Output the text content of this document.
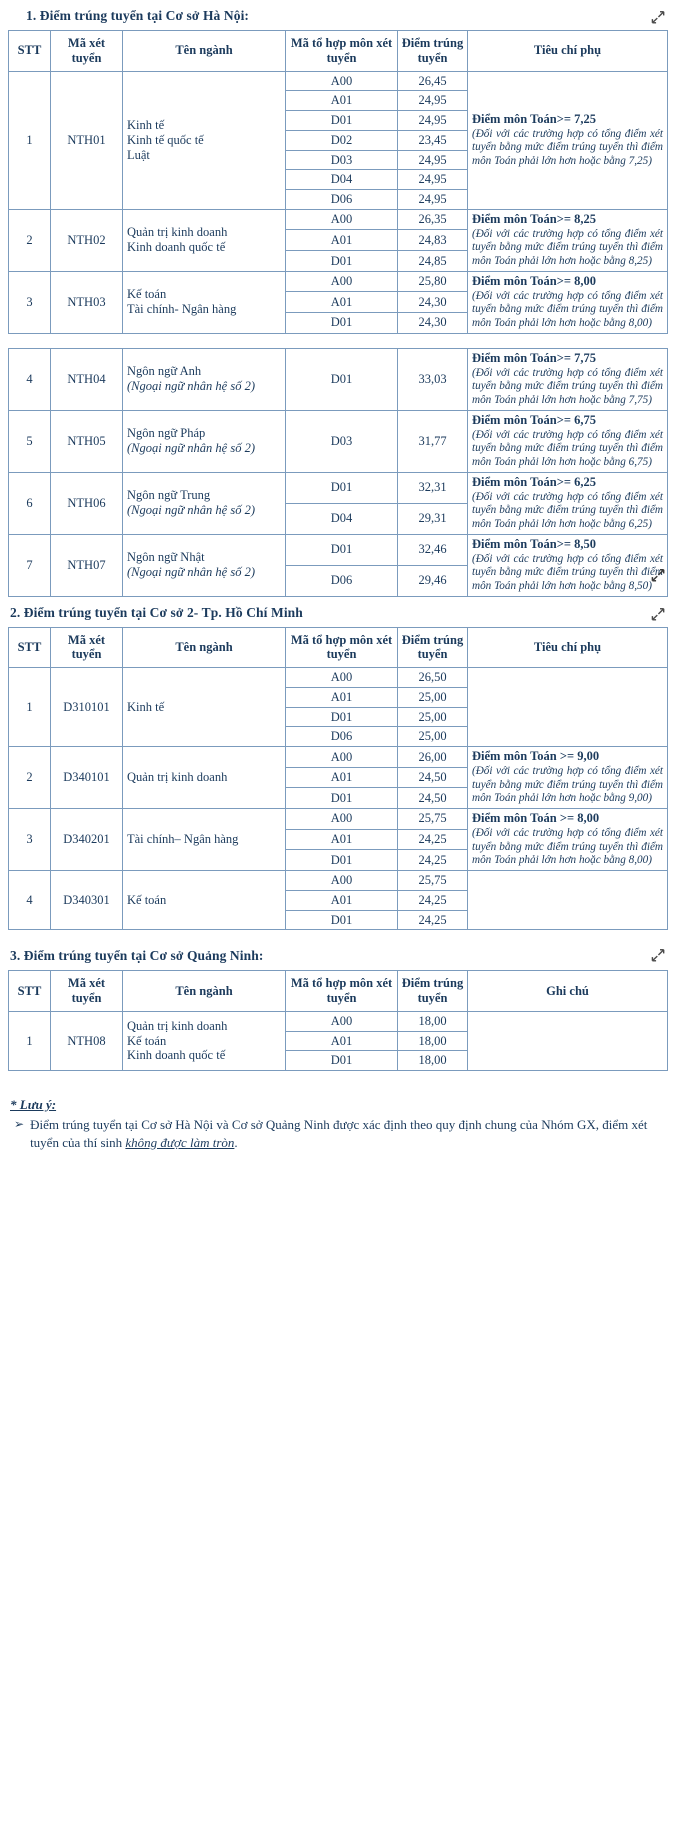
1. Điểm trúng tuyển tại Cơ sở Hà Nội:
STT	Mã xét tuyển	Tên ngành	Mã tổ hợp môn xét tuyển	Điểm trúng tuyển	Tiêu chí phụ
1	NTH01	Kinh tế
Kinh tế quốc tế
Luật	A00	26,45	Điểm môn Toán>= 7,25
(Đối với các trường hợp có tổng điểm xét tuyển bằng mức điểm trúng tuyển thì điểm môn Toán phải lớn hơn hoặc bằng 7,25)

			A01	24,95	
			D01	24,95	
			D02	23,45	
			D03	24,95	
			D04	24,95	
			D06	24,95	
2	NTH02	Quản trị kinh doanh
Kinh doanh quốc tế	A00	26,35	Điểm môn Toán>= 8,25
(Đối với các trường hợp có tổng điểm xét tuyển bằng mức điểm trúng tuyển thì điểm môn Toán phải lớn hơn hoặc bằng 8,25)

			A01	24,83	
			D01	24,85	
3	NTH03	Kế toán
Tài chính- Ngân hàng	A00	25,80	Điểm môn Toán>= 8,00
(Đối với các trường hợp có tổng điểm xét tuyển bằng mức điểm trúng tuyển thì điểm môn Toán phải lớn hơn hoặc bằng 8,00)

			A01	24,30	
			D01	24,30	
4	NTH04	Ngôn ngữ Anh
(Ngoại ngữ nhân hệ số 2)	D01	33,03	Điểm môn Toán>= 7,75
(Đối với các trường hợp có tổng điểm xét tuyển bằng mức điểm trúng tuyển thì điểm môn Toán phải lớn hơn hoặc bằng 7,75)

5	NTH05	Ngôn ngữ Pháp
(Ngoại ngữ nhân hệ số 2)	D03	31,77	Điểm môn Toán>= 6,75
(Đối với các trường hợp có tổng điểm xét tuyển bằng mức điểm trúng tuyển thì điểm môn Toán phải lớn hơn hoặc bằng 6,75)

6	NTH06	Ngôn ngữ Trung
(Ngoại ngữ nhân hệ số 2)	D01	32,31	Điểm môn Toán>= 6,25
(Đối với các trường hợp có tổng điểm xét tuyển bằng mức điểm trúng tuyển thì điểm môn Toán phải lớn hơn hoặc bằng 6,25)

			D04	29,31	
7	NTH07	Ngôn ngữ Nhật
(Ngoại ngữ nhân hệ số 2)	D01	32,46	Điểm môn Toán>= 8,50
(Đối với các trường hợp có tổng điểm xét tuyển bằng mức điểm trúng tuyển thì điểm môn Toán phải lớn hơn hoặc bằng 8,50)

			D06	29,46	
2. Điểm trúng tuyển tại Cơ sở 2- Tp. Hồ Chí Minh
STT	Mã xét tuyển	Tên ngành	Mã tổ hợp môn xét tuyển	Điểm trúng tuyển	Tiêu chí phụ
1	D310101	Kinh tế	A00	26,50	
			A01	25,00	
			D01	25,00	
			D06	25,00	
2	D340101	Quản trị kinh doanh	A00	26,00	Điểm môn Toán >= 9,00
(Đối với các trường hợp có tổng điểm xét tuyển bằng mức điểm trúng tuyển thì điểm môn Toán phải lớn hơn hoặc bằng 9,00)

			A01	24,50	
			D01	24,50	
3	D340201	Tài chính– Ngân hàng	A00	25,75	Điểm môn Toán >= 8,00
(Đối với các trường hợp có tổng điểm xét tuyển bằng mức điểm trúng tuyển thì điểm môn Toán phải lớn hơn hoặc bằng 8,00)

			A01	24,25	
			D01	24,25	
4	D340301	Kế toán	A00	25,75	
			A01	24,25	
			D01	24,25	
3. Điểm trúng tuyển tại Cơ sở Quảng Ninh:
STT	Mã xét tuyển	Tên ngành	Mã tổ hợp môn xét tuyển	Điểm trúng tuyển	Ghi chú
1	NTH08	Quản trị kinh doanh
Kế toán
Kinh doanh quốc tế	A00	18,00	
			A01	18,00	
			D01	18,00	
* Lưu ý:
➢ Điểm trúng tuyển tại Cơ sở Hà Nội và Cơ sở Quảng Ninh được xác định theo quy định chung của Nhóm GX, điểm xét tuyển của thí sinh không được làm tròn.
